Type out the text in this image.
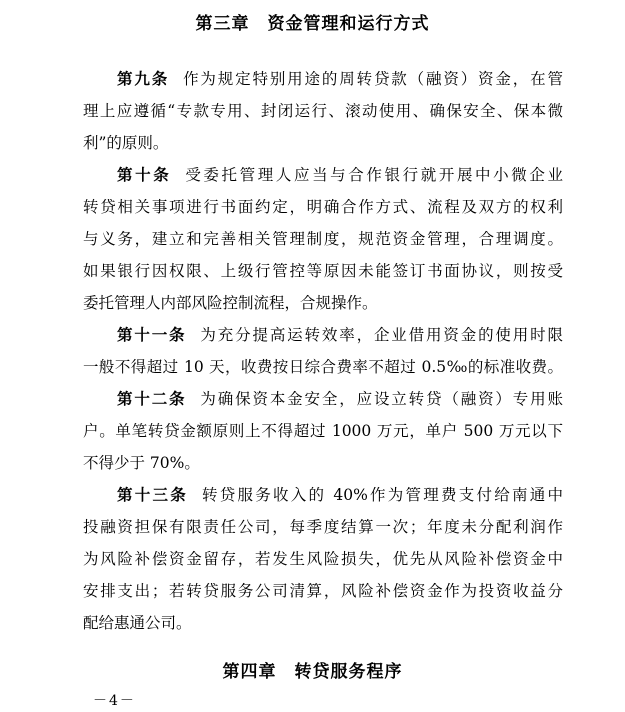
第三章 资金管理和运行方式
第九条 作为规定特别用途的周转贷款（融资）资金，在管
理上应遵循“专款专用、封闭运行、滚动使用、确保安全、保本微
利”的原则。
第十条 受委托管理人应当与合作银行就开展中小微企业
转贷相关事项进行书面约定，明确合作方式、流程及双方的权利
与义务，建立和完善相关管理制度，规范资金管理，合理调度。
如果银行因权限、上级行管控等原因未能签订书面协议，则按受
委托管理人内部风险控制流程，合规操作。
第十一条 为充分提高运转效率，企业借用资金的使用时限
一般不得超过 10 天，收费按日综合费率不超过 0.5‰的标准收费。
第十二条 为确保资本金安全，应设立转贷（融资）专用账
户。单笔转贷金额原则上不得超过 1000 万元，单户 500 万元以下
不得少于 70%。
第十三条 转贷服务收入的 40%作为管理费支付给南通中
投融资担保有限责任公司，每季度结算一次；年度未分配利润作
为风险补偿资金留存，若发生风险损失，优先从风险补偿资金中
安排支出；若转贷服务公司清算，风险补偿资金作为投资收益分
配给惠通公司。
第四章 转贷服务程序
－4－
